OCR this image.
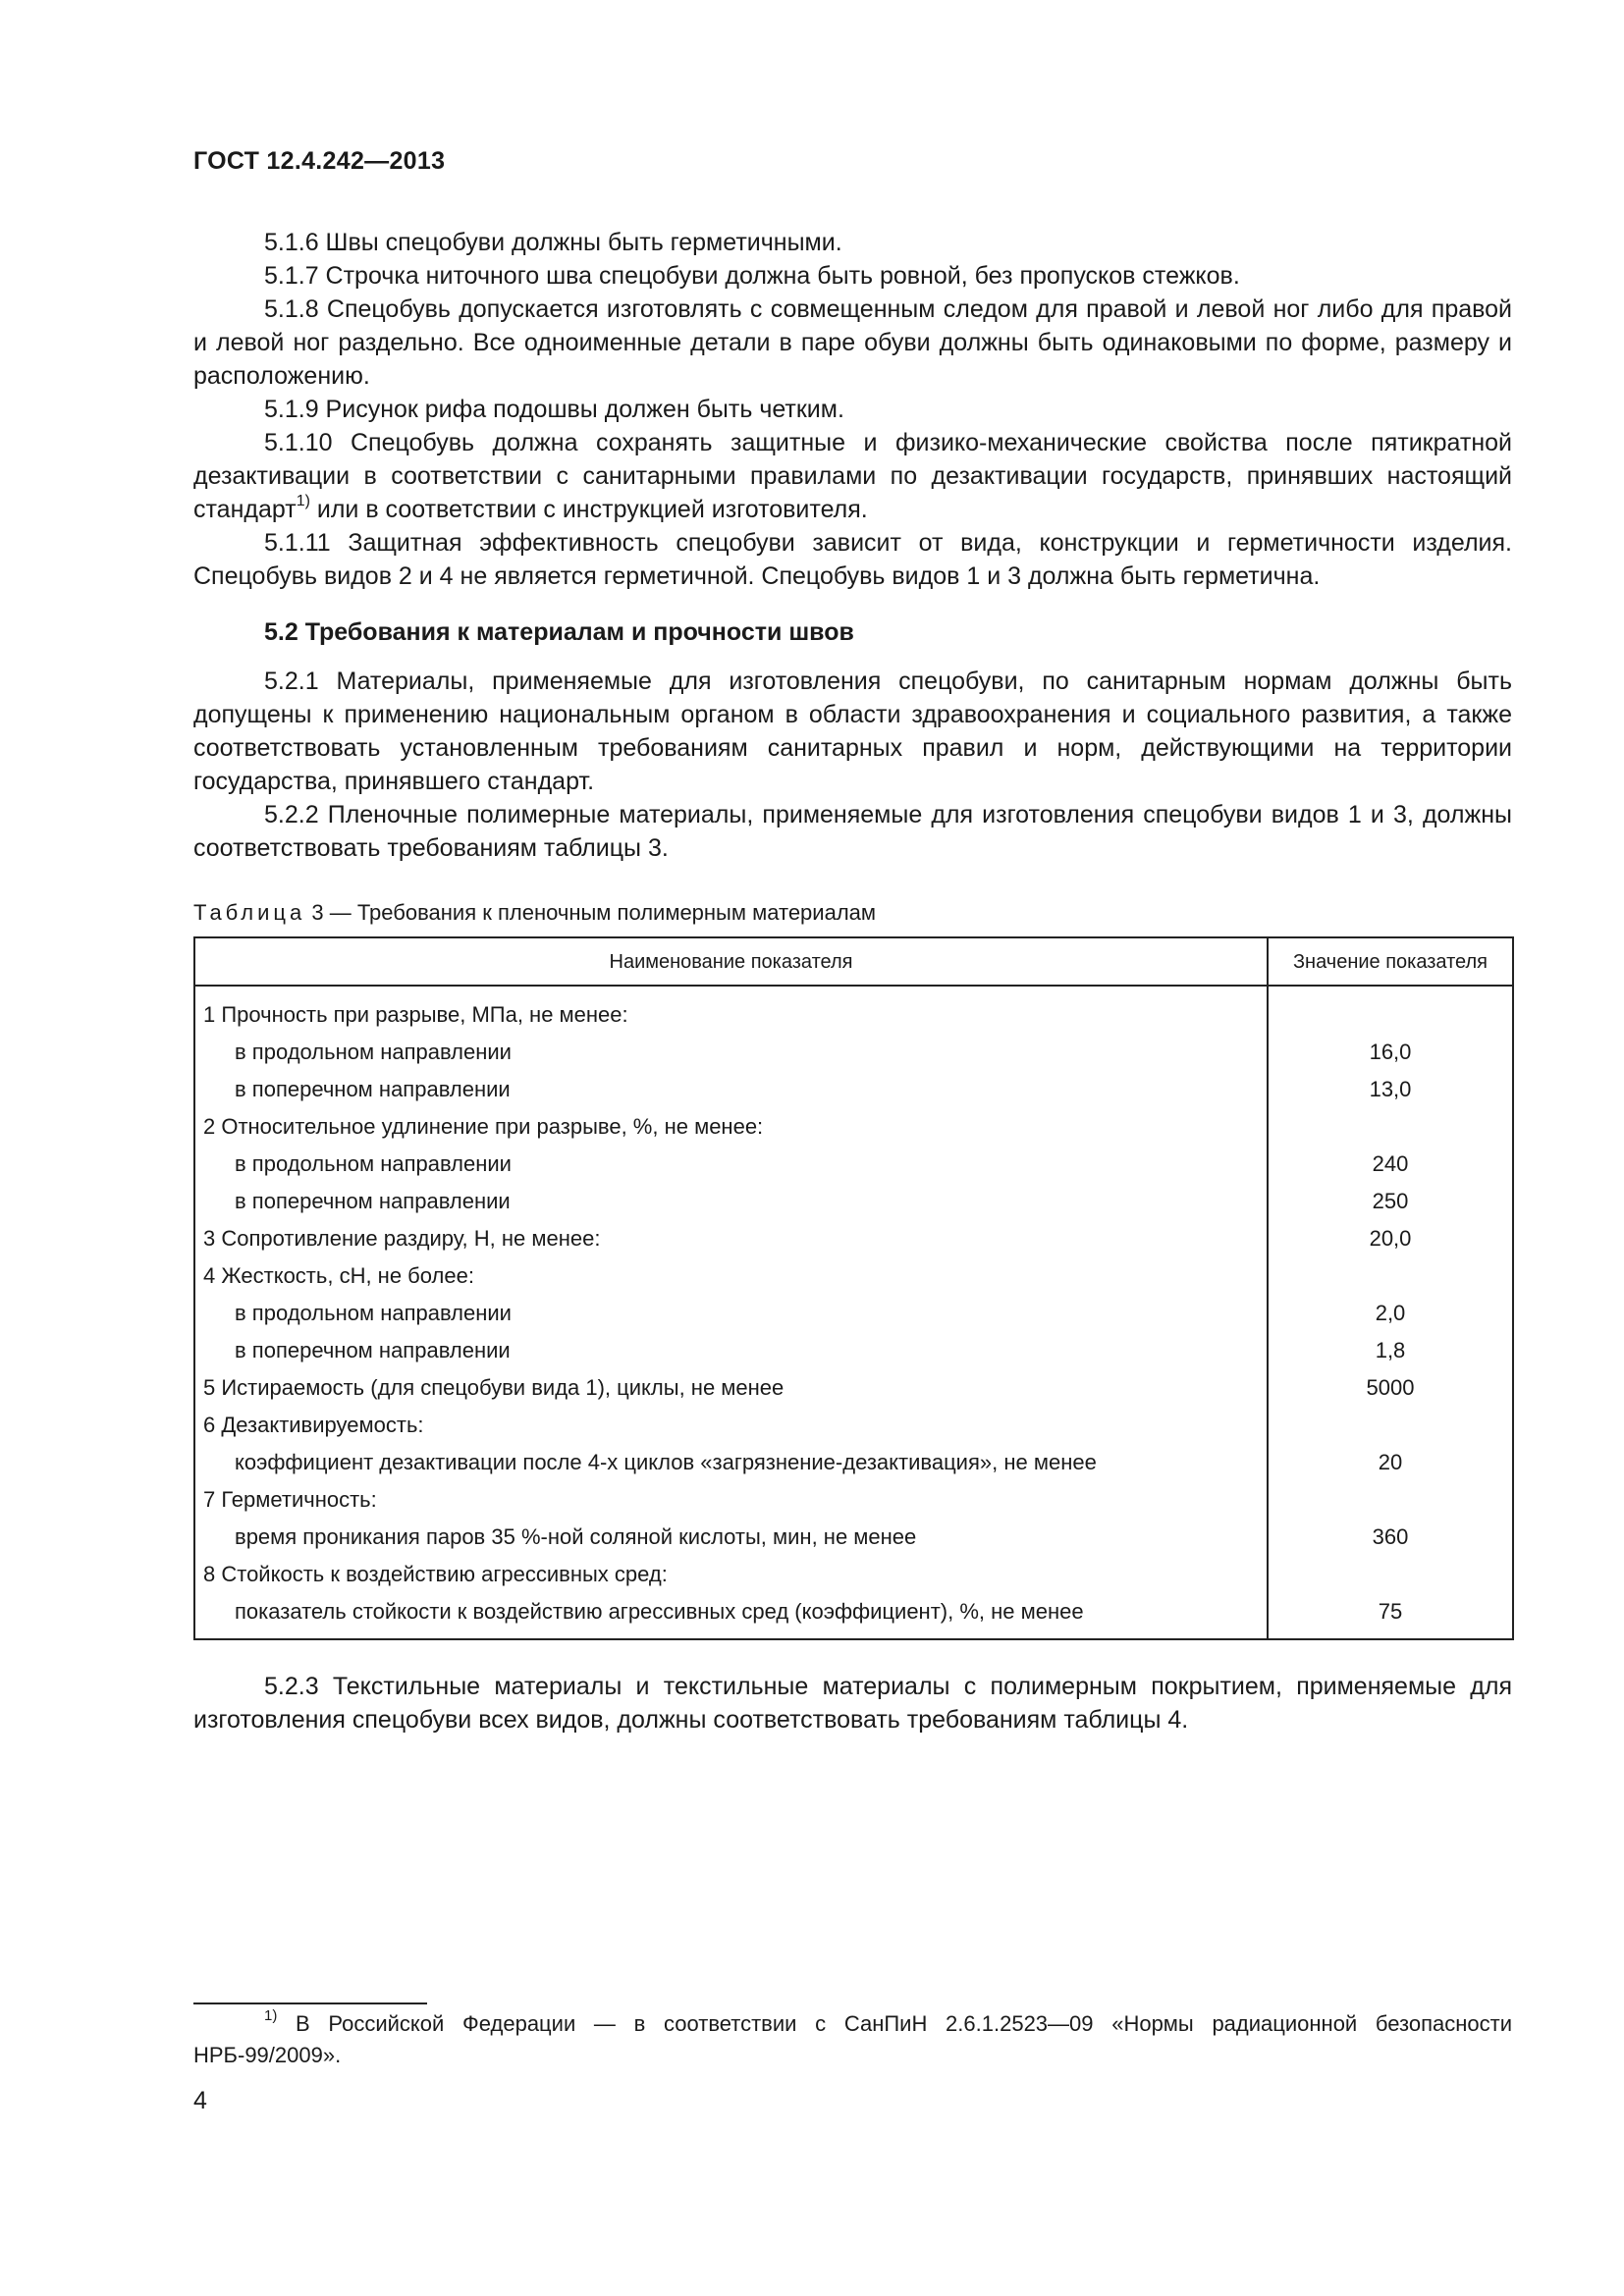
ГОСТ 12.4.242—2013

5.1.6 Швы спецобуви должны быть герметичными.

5.1.7 Строчка ниточного шва спецобуви должна быть ровной, без пропусков стежков.

5.1.8 Спецобувь допускается изготовлять с совмещенным следом для правой и левой ног либо для правой и левой ног раздельно. Все одноименные детали в паре обуви должны быть одинаковыми по форме, размеру и расположению.

5.1.9 Рисунок рифа подошвы должен быть четким.

5.1.10 Спецобувь должна сохранять защитные и физико-механические свойства после пятикратной дезактивации в соответствии с санитарными правилами по дезактивации государств, принявших настоящий стандарт$^{1)}$ или в соответствии с инструкцией изготовителя.

5.1.11 Защитная эффективность спецобуви зависит от вида, конструкции и герметичности изделия. Спецобувь видов 2 и 4 не является герметичной. Спецобувь видов 1 и 3 должна быть герметична.

5.2 Требования к материалам и прочности швов

5.2.1 Материалы, применяемые для изготовления спецобуви, по санитарным нормам должны быть допущены к применению национальным органом в области здравоохранения и социального развития, а также соответствовать установленным требованиям санитарных правил и норм, действующими на территории государства, принявшего стандарт.

5.2.2 Пленочные полимерные материалы, применяемые для изготовления спецобуви видов 1 и 3, должны соответствовать требованиям таблицы 3.

Таблица 3 — Требования к пленочным полимерным материалам
Наименование показателя	Значение показателя
1 Прочность при разрыве, МПа, не менее:	
в продольном направлении	16,0
в поперечном направлении	13,0
2 Относительное удлинение при разрыве, %, не менее:	
в продольном направлении	240
в поперечном направлении	250
3 Сопротивление раздиру, Н, не менее:	20,0
4 Жесткость, сН, не более:	
в продольном направлении	2,0
в поперечном направлении	1,8
5 Истираемость (для спецобуви вида 1), циклы, не менее	5000
6 Дезактивируемость:	
коэффициент дезактивации после 4-х циклов «загрязнение-дезактивация», не менее	20
7 Герметичность:	
время проникания паров 35 %-ной соляной кислоты, мин, не менее	360
8 Стойкость к воздействию агрессивных сред:	
показатель стойкости к воздействию агрессивных сред (коэффициент), %, не менее	75

5.2.3 Текстильные материалы и текстильные материалы с полимерным покрытием, применяемые для изготовления спецобуви всех видов, должны соответствовать требованиям таблицы 4.

$^{1)}$ В Российской Федерации — в соответствии с СанПиН 2.6.1.2523—09 «Нормы радиационной безопасности НРБ-99/2009».

4
